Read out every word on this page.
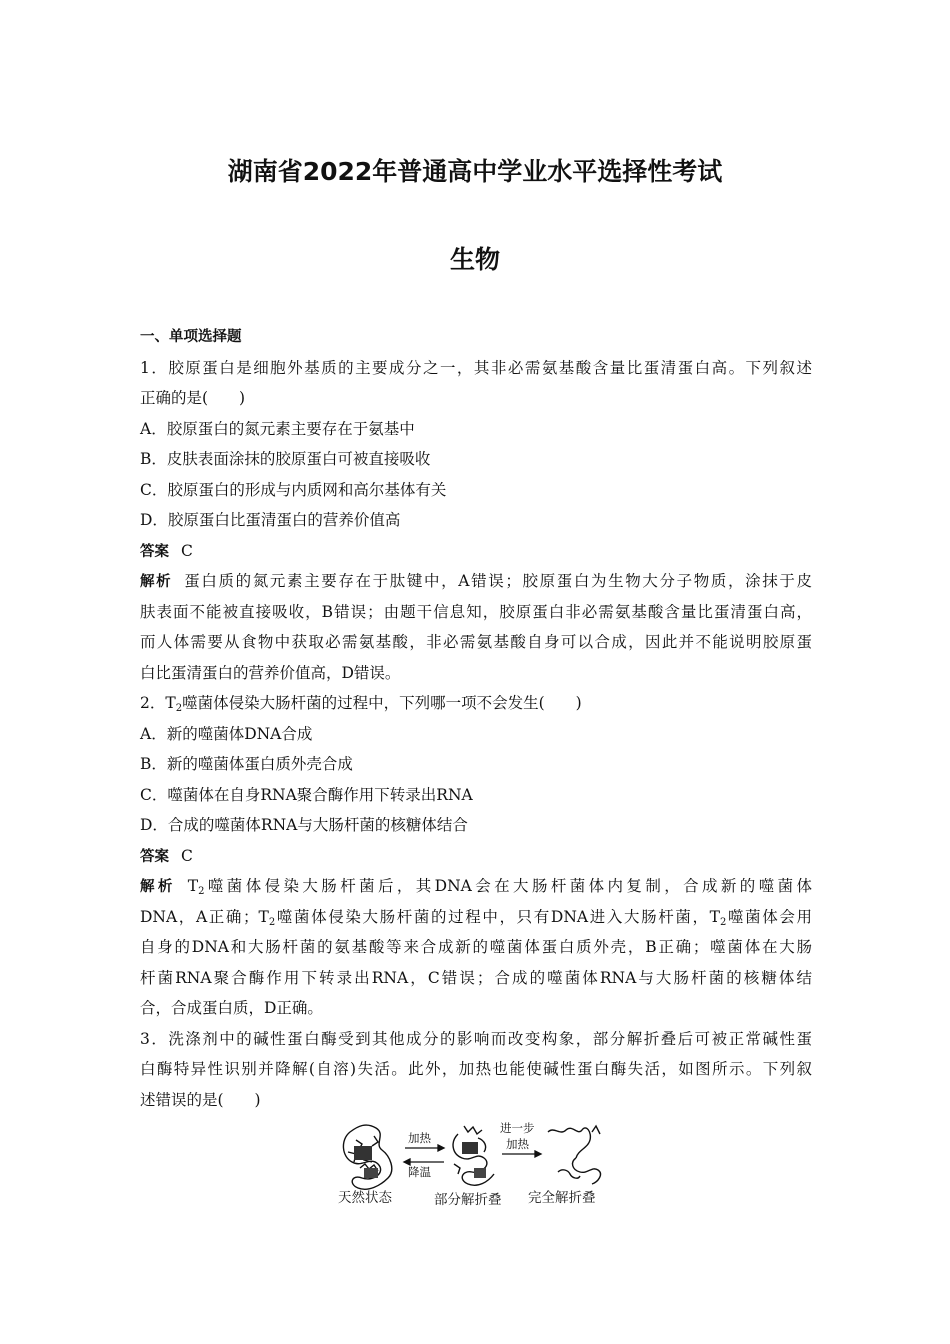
湖南省2022年普通高中学业水平选择性考试
生物
一、单项选择题
1．胶原蛋白是细胞外基质的主要成分之一，其非必需氨基酸含量比蛋清蛋白高。下列叙述
正确的是(　　)
A．胶原蛋白的氮元素主要存在于氨基中
B．皮肤表面涂抹的胶原蛋白可被直接吸收
C．胶原蛋白的形成与内质网和高尔基体有关
D．胶原蛋白比蛋清蛋白的营养价值高
答案 C
解析 蛋白质的氮元素主要存在于肽键中，A错误；胶原蛋白为生物大分子物质，涂抹于皮
肤表面不能被直接吸收，B错误；由题干信息知，胶原蛋白非必需氨基酸含量比蛋清蛋白高，
而人体需要从食物中获取必需氨基酸，非必需氨基酸自身可以合成，因此并不能说明胶原蛋
白比蛋清蛋白的营养价值高，D错误。
2．$T_2$噬菌体侵染大肠杆菌的过程中，下列哪一项不会发生(　　)
A．新的噬菌体DNA合成
B．新的噬菌体蛋白质外壳合成
C．噬菌体在自身RNA聚合酶作用下转录出RNA
D．合成的噬菌体RNA与大肠杆菌的核糖体结合
答案 C
解析 $T_2$噬菌体侵染大肠杆菌后，其DNA会在大肠杆菌体内复制，合成新的噬菌体
DNA，A正确；$T_2$噬菌体侵染大肠杆菌的过程中，只有DNA进入大肠杆菌，$T_2$噬菌体会用
自身的DNA和大肠杆菌的氨基酸等来合成新的噬菌体蛋白质外壳，B正确；噬菌体在大肠
杆菌RNA聚合酶作用下转录出RNA，C错误；合成的噬菌体RNA与大肠杆菌的核糖体结
合，合成蛋白质，D正确。
3．洗涤剂中的碱性蛋白酶受到其他成分的影响而改变构象，部分解折叠后可被正常碱性蛋
白酶特异性识别并降解(自溶)失活。此外，加热也能使碱性蛋白酶失活，如图所示。下列叙
述错误的是(　　)
加热
降温
进一步
加热
天然状态	部分解折叠 完全解折叠
